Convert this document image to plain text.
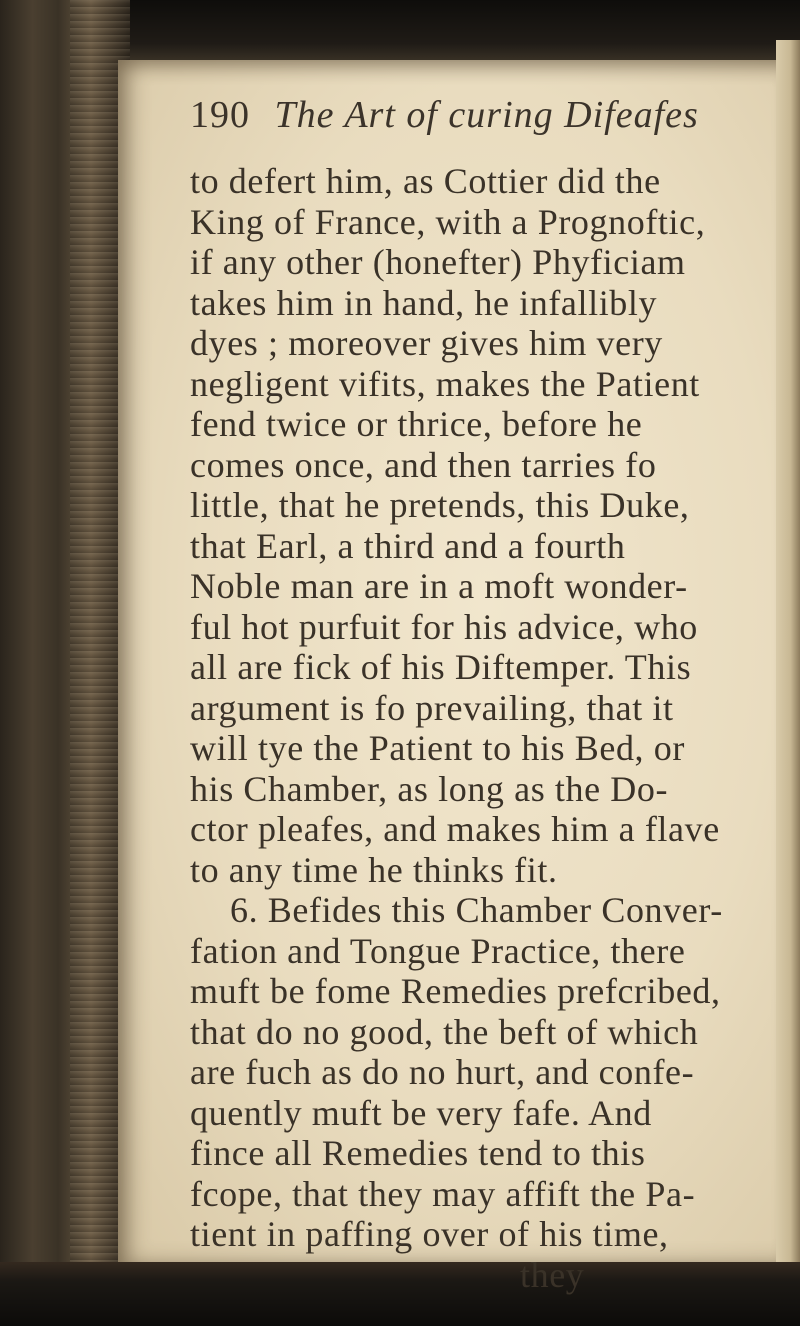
190 The Art of curing Difeafes
to defert him, as Cottier did the
King of France, with a Prognoftic,
if any other (honefter) Phyficiam
takes him in hand, he infallibly
dyes ; moreover gives him very
negligent vifits, makes the Patient
fend twice or thrice, before he
comes once, and then tarries fo
little, that he pretends, this Duke,
that Earl, a third and a fourth
Noble man are in a moft wonder-
ful hot purfuit for his advice, who
all are fick of his Diftemper. This
argument is fo prevailing, that it
will tye the Patient to his Bed, or
his Chamber, as long as the Do-
ctor pleafes, and makes him a flave
to any time he thinks fit.
6. Befides this Chamber Conver-
fation and Tongue Practice, there
muft be fome Remedies prefcribed,
that do no good, the beft of which
are fuch as do no hurt, and confe-
quently muft be very fafe. And
fince all Remedies tend to this
fcope, that they may affift the Pa-
tient in paffing over of his time,
they
